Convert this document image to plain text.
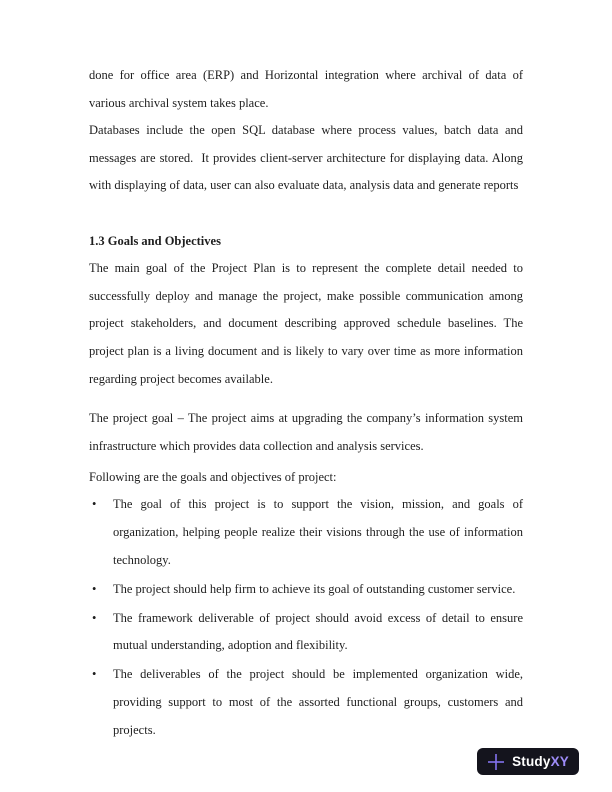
done for office area (ERP) and Horizontal integration where archival of data of various archival system takes place.

Databases include the open SQL database where process values, batch data and messages are stored.  It provides client-server architecture for displaying data. Along with displaying of data, user can also evaluate data, analysis data and generate reports

1.3 Goals and Objectives

The main goal of the Project Plan is to represent the complete detail needed to successfully deploy and manage the project, make possible communication among project stakeholders, and document describing approved schedule baselines. The project plan is a living document and is likely to vary over time as more information regarding project becomes available.

The project goal – The project aims at upgrading the company’s information system infrastructure which provides data collection and analysis services.

Following are the goals and objectives of project:

• The goal of this project is to support the vision, mission, and goals of organization, helping people realize their visions through the use of information technology.
• The project should help firm to achieve its goal of outstanding customer service.
• The framework deliverable of project should avoid excess of detail to ensure mutual understanding, adoption and flexibility.
• The deliverables of the project should be implemented organization wide, providing support to most of the assorted functional groups, customers and projects.
Study XY
